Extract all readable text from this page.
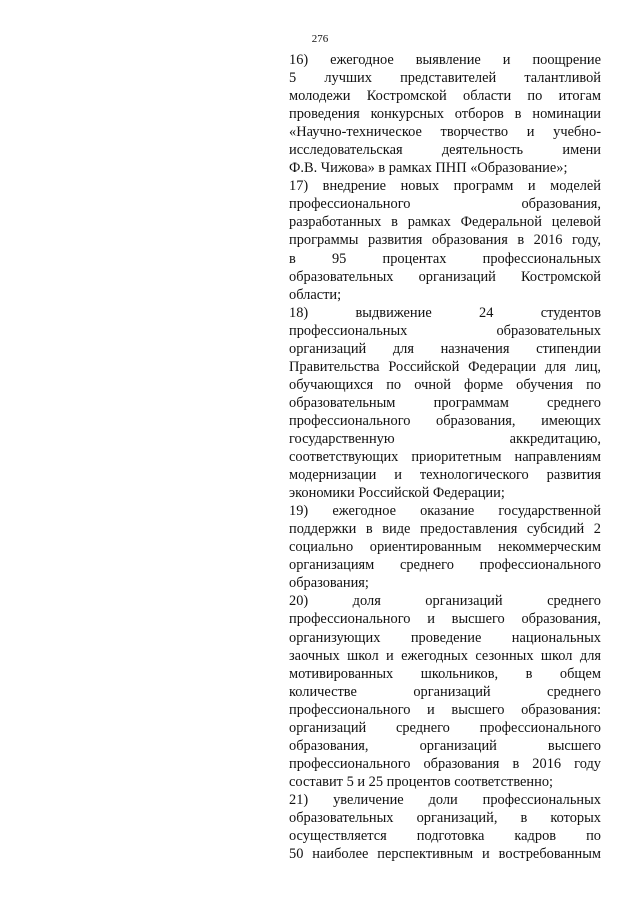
276
16) ежегодное выявление и поощрение
5 лучших представителей талантливой
молодежи Костромской области по итогам
проведения конкурсных отборов в номинации
«Научно-техническое творчество и учебно-
исследовательская деятельность имени
Ф.В. Чижова» в рамках ПНП «Образование»;
17) внедрение новых программ и моделей
профессионального образования,
разработанных в рамках Федеральной целевой
программы развития образования в 2016 году,
в 95 процентах профессиональных
образовательных организаций Костромской
области;
18) выдвижение 24 студентов
профессиональных образовательных
организаций для назначения стипендии
Правительства Российской Федерации для лиц,
обучающихся по очной форме обучения по
образовательным программам среднего
профессионального образования, имеющих
государственную аккредитацию,
соответствующих приоритетным направлениям
модернизации и технологического развития
экономики Российской Федерации;
19) ежегодное оказание государственной
поддержки в виде предоставления субсидий 2
социально ориентированным некоммерческим
организациям среднего профессионального
образования;
20) доля организаций среднего
профессионального и высшего образования,
организующих проведение национальных
заочных школ и ежегодных сезонных школ для
мотивированных школьников, в общем
количестве организаций среднего
профессионального и высшего образования:
организаций среднего профессионального
образования, организаций высшего
профессионального образования в 2016 году
составит 5 и 25 процентов соответственно;
21) увеличение доли профессиональных
образовательных организаций, в которых
осуществляется подготовка кадров по
50 наиболее перспективным и востребованным
